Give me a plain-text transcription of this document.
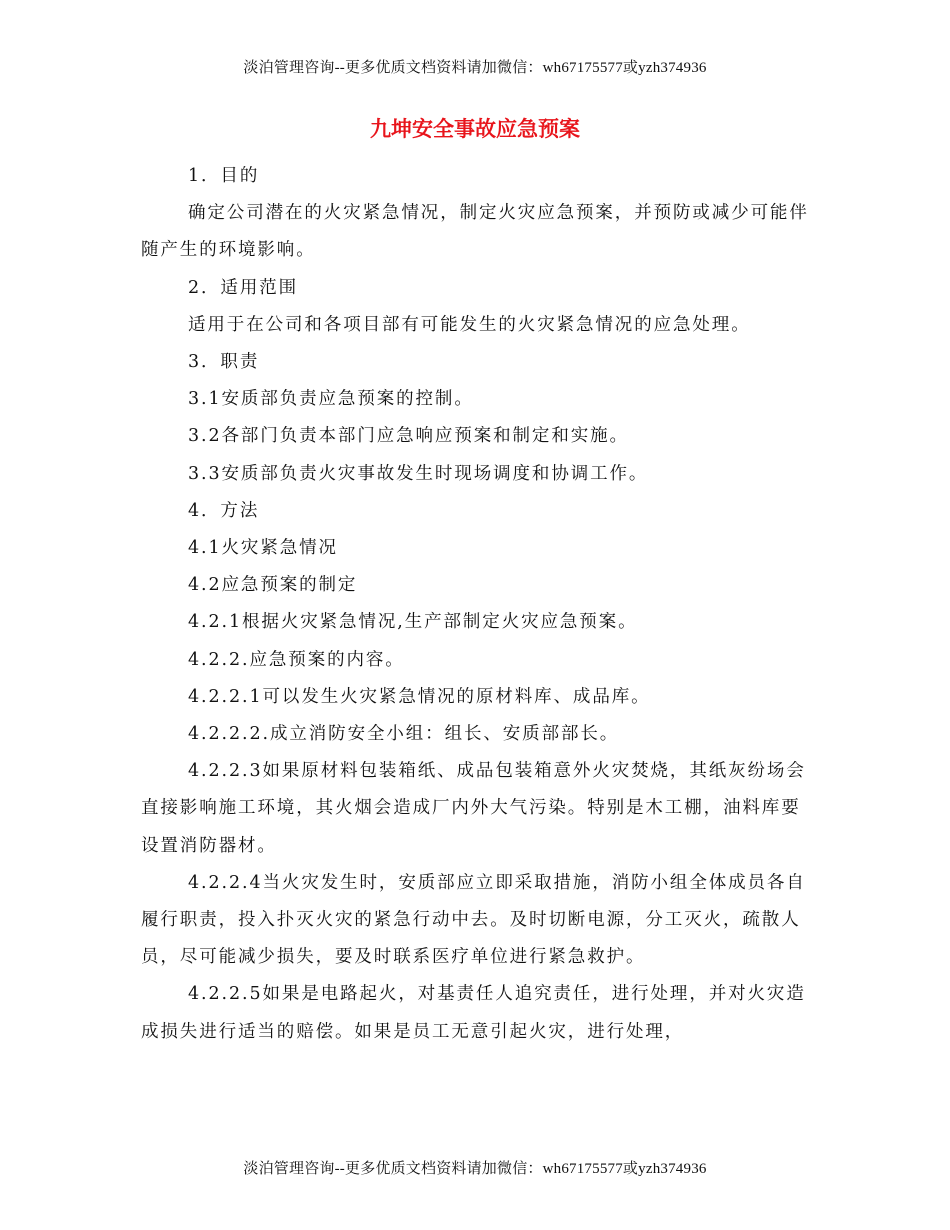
淡泊管理咨询--更多优质文档资料请加微信：wh67175577或yzh374936
九坤安全事故应急预案

1．目的

确定公司潜在的火灾紧急情况，制定火灾应急预案，并预防或减少可能伴随产生的环境影响。

2．适用范围

适用于在公司和各项目部有可能发生的火灾紧急情况的应急处理。

3．职责

3.1安质部负责应急预案的控制。

3.2各部门负责本部门应急响应预案和制定和实施。

3.3安质部负责火灾事故发生时现场调度和协调工作。

4．方法

4.1火灾紧急情况

4.2应急预案的制定

4.2.1根据火灾紧急情况,生产部制定火灾应急预案。

4.2.2.应急预案的内容。

4.2.2.1可以发生火灾紧急情况的原材料库、成品库。

4.2.2.2.成立消防安全小组：组长、安质部部长。

4.2.2.3如果原材料包装箱纸、成品包装箱意外火灾焚烧，其纸灰纷场会直接影响施工环境，其火烟会造成厂内外大气污染。特别是木工棚，油料库要设置消防器材。

4.2.2.4当火灾发生时，安质部应立即采取措施，消防小组全体成员各自履行职责，投入扑灭火灾的紧急行动中去。及时切断电源，分工灭火，疏散人员，尽可能减少损失，要及时联系医疗单位进行紧急救护。

4.2.2.5如果是电路起火，对基责任人追究责任，进行处理，并对火灾造成损失进行适当的赔偿。如果是员工无意引起火灾，进行处理，

淡泊管理咨询--更多优质文档资料请加微信：wh67175577或yzh374936
